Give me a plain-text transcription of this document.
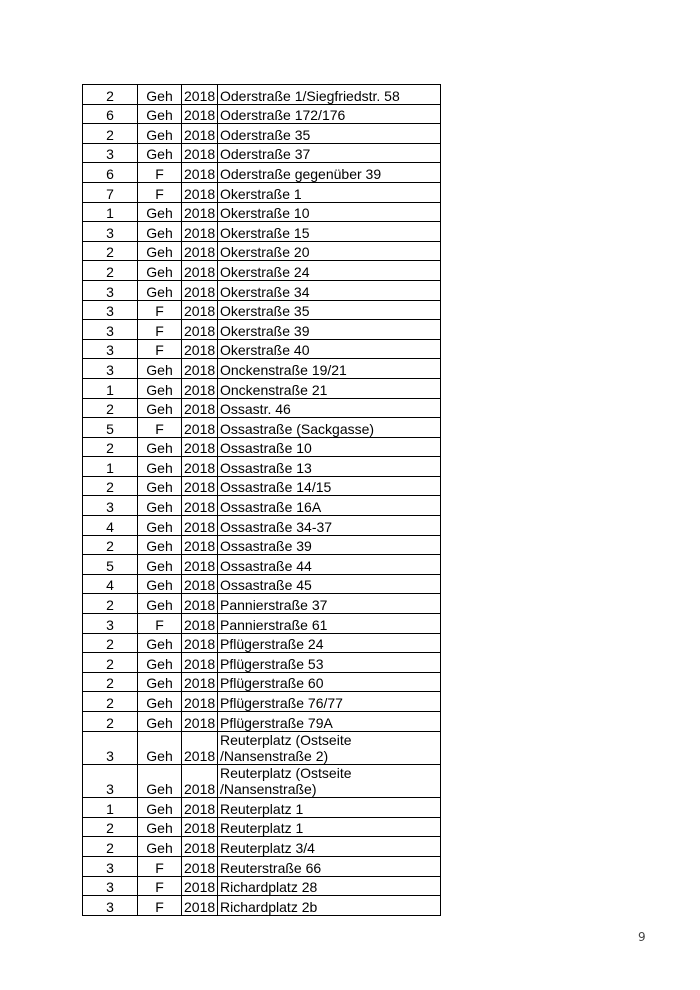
2	Geh	2018	Oderstraße 1/Siegfriedstr. 58
6	Geh	2018	Oderstraße 172/176
2	Geh	2018	Oderstraße 35
3	Geh	2018	Oderstraße 37
6	F	2018	Oderstraße gegenüber 39
7	F	2018	Okerstraße 1
1	Geh	2018	Okerstraße 10
3	Geh	2018	Okerstraße 15
2	Geh	2018	Okerstraße 20
2	Geh	2018	Okerstraße 24
3	Geh	2018	Okerstraße 34
3	F	2018	Okerstraße 35
3	F	2018	Okerstraße 39
3	F	2018	Okerstraße 40
3	Geh	2018	Onckenstraße 19/21
1	Geh	2018	Onckenstraße 21
2	Geh	2018	Ossastr. 46
5	F	2018	Ossastraße (Sackgasse)
2	Geh	2018	Ossastraße 10
1	Geh	2018	Ossastraße 13
2	Geh	2018	Ossastraße 14/15
3	Geh	2018	Ossastraße 16A
4	Geh	2018	Ossastraße 34-37
2	Geh	2018	Ossastraße 39
5	Geh	2018	Ossastraße 44
4	Geh	2018	Ossastraße 45
2	Geh	2018	Pannierstraße 37
3	F	2018	Pannierstraße 61
2	Geh	2018	Pflügerstraße 24
2	Geh	2018	Pflügerstraße 53
2	Geh	2018	Pflügerstraße 60
2	Geh	2018	Pflügerstraße 76/77
2	Geh	2018	Pflügerstraße 79A
3	Geh	2018	Reuterplatz (Ostseite /Nansenstraße 2)
3	Geh	2018	Reuterplatz (Ostseite /Nansenstraße)
1	Geh	2018	Reuterplatz 1
2	Geh	2018	Reuterplatz 1
2	Geh	2018	Reuterplatz 3/4
3	F	2018	Reuterstraße 66
3	F	2018	Richardplatz 28
3	F	2018	Richardplatz 2b
9
